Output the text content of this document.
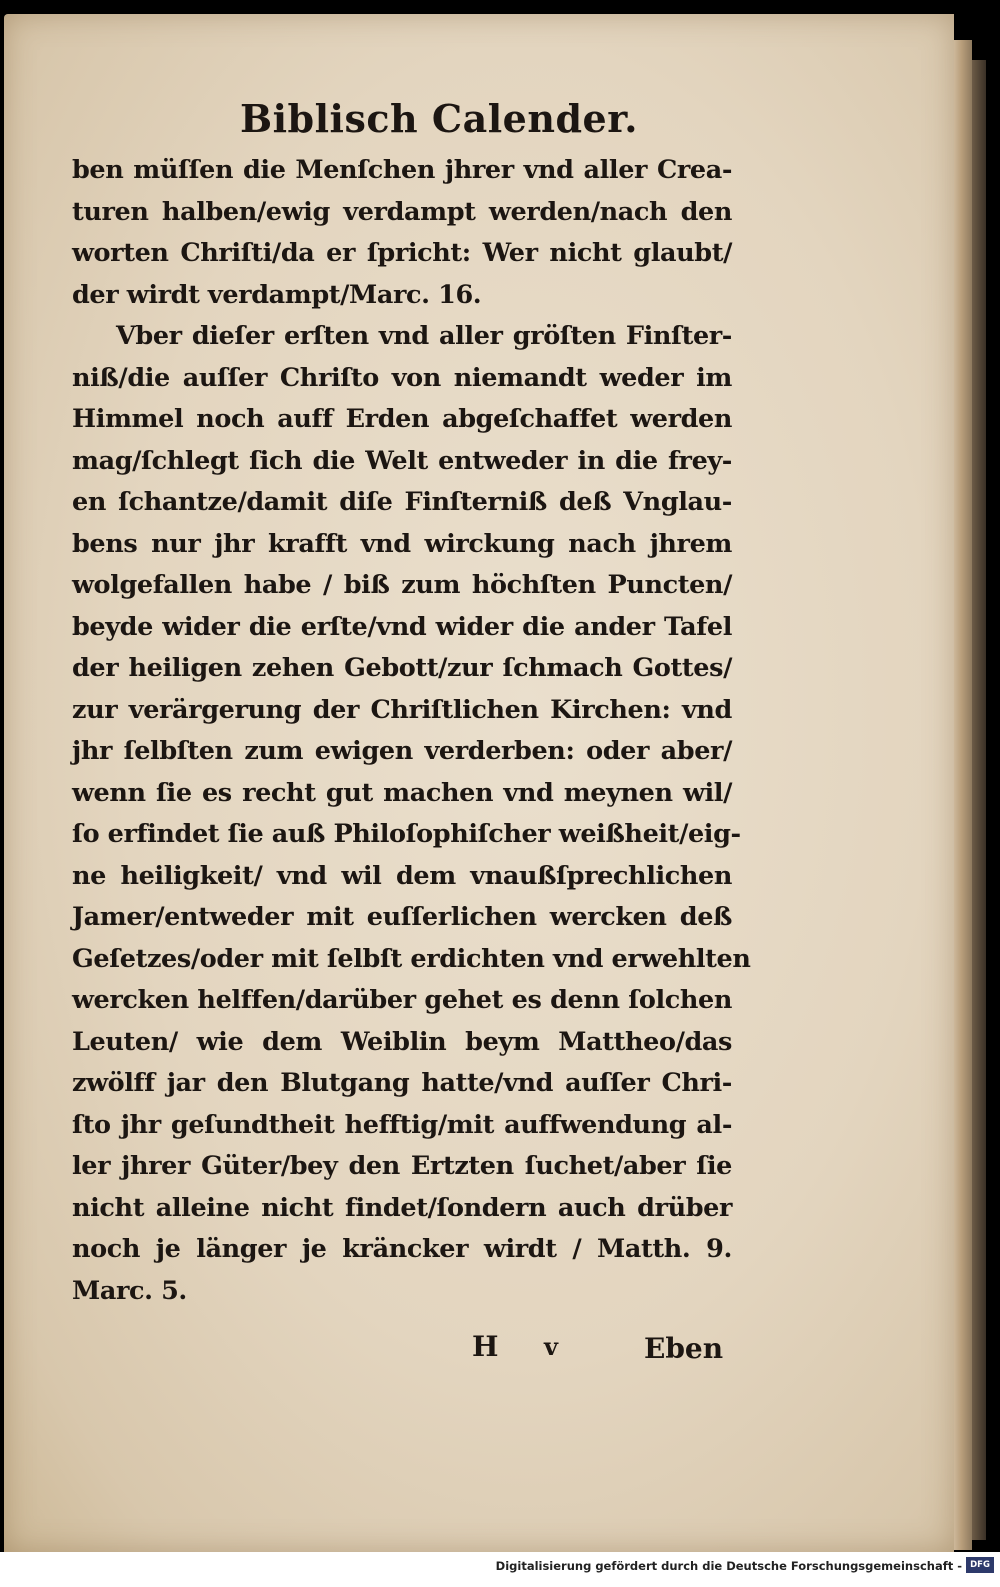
Biblisch Calender.
ben müſſen die Menſchen jhrer vnd aller Crea-
turen halben/ewig verdampt werden/nach den
worten Chriſti/da er ſpricht: Wer nicht glaubt/
der wirdt verdampt/Marc. 16.
Vber dieſer erſten vnd aller gröſten Finſter-
niß/die auſſer Chriſto von niemandt weder im
Himmel noch auff Erden abgeſchaffet werden
mag/ſchlegt ſich die Welt entweder in die frey-
en ſchantze/damit diſe Finſterniß deß Vnglau-
bens nur jhr krafft vnd wirckung nach jhrem
wolgefallen habe / biß zum höchſten Puncten/
beyde wider die erſte/vnd wider die ander Tafel
der heiligen zehen Gebott/zur ſchmach Gottes/
zur verärgerung der Chriſtlichen Kirchen: vnd
jhr ſelbſten zum ewigen verderben: oder aber/
wenn ſie es recht gut machen vnd meynen wil/
ſo erfindet ſie auß Philoſophiſcher weißheit/eig-
ne heiligkeit/ vnd wil dem vnaußſprechlichen
Jamer/entweder mit euſſerlichen wercken deß
Geſetzes/oder mit ſelbſt erdichten vnd erwehlten
wercken helffen/darüber gehet es denn ſolchen
Leuten/ wie dem Weiblin beym Mattheo/das
zwölff jar den Blutgang hatte/vnd auſſer Chri-
ſto jhr geſundtheit hefftig/mit auffwendung al-
ler jhrer Güter/bey den Ertzten ſuchet/aber ſie
nicht alleine nicht findet/ſondern auch drüber
noch je länger je kräncker wirdt / Matth. 9.
Marc. 5.
H v	Eben
Digitalisierung gefördert durch die Deutsche Forschungsgemeinschaft - DFG
